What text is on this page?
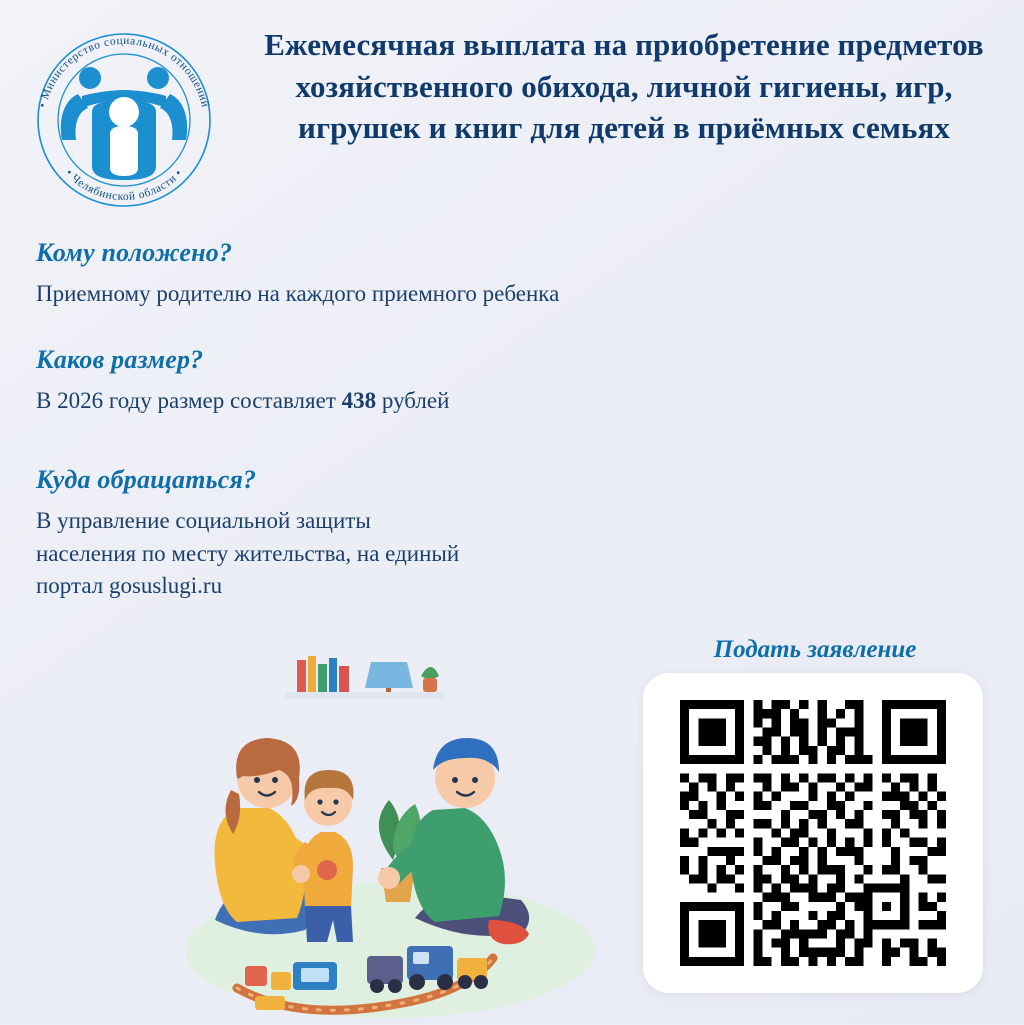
• Министерство социальных отношений
• Челябинской области •
Ежемесячная выплата на приобретение предметов хозяйственного обихода, личной гигиены, игр, игрушек и книг для детей в приёмных семьях

Кому положено?

Приемному родителю на каждого приемного ребенка

Каков размер?

В 2026 году размер составляет 438 рублей

Куда обращаться?

В управление социальной защиты населения по месту жительства, на единый портал gosuslugi.ru

Подать заявление
